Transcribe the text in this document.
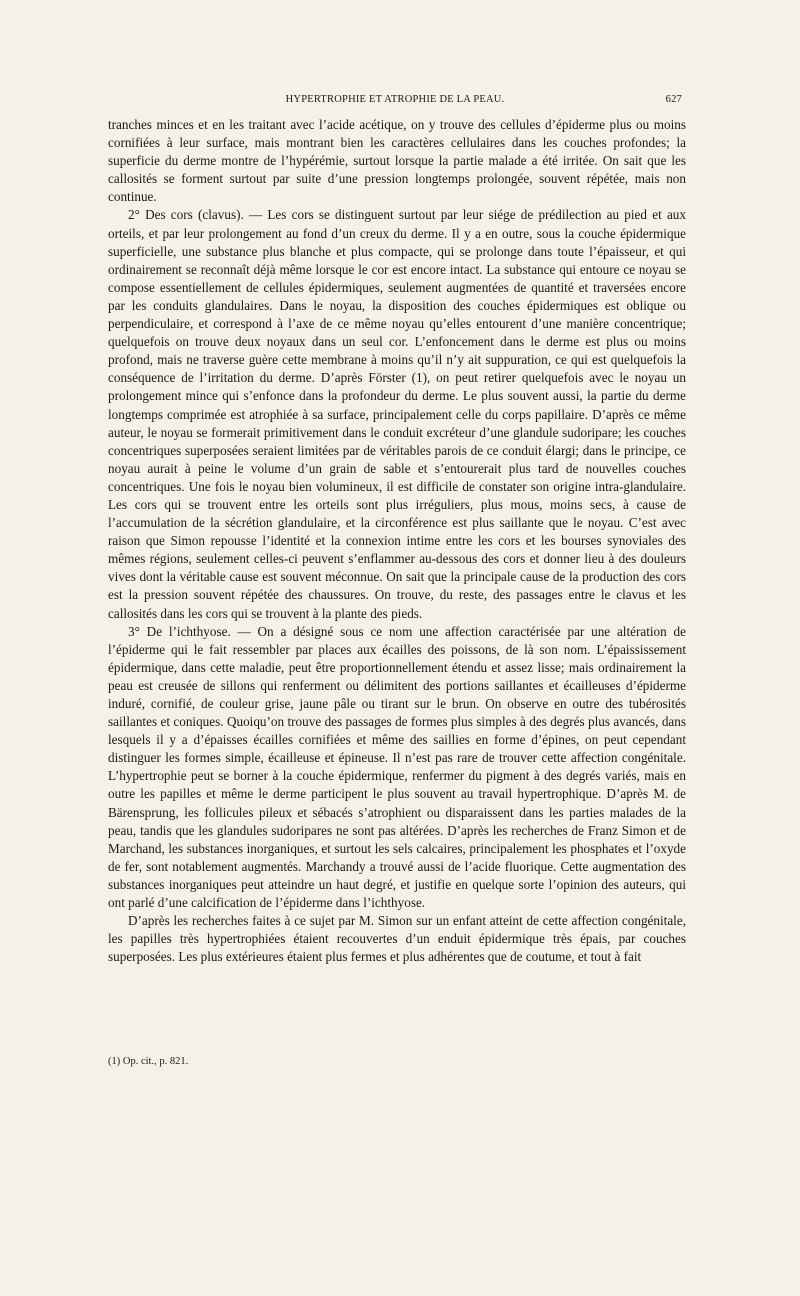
HYPERTROPHIE ET ATROPHIE DE LA PEAU.	627

tranches minces et en les traitant avec l’acide acétique, on y trouve des cellules d’épiderme plus ou moins cornifiées à leur surface, mais montrant bien les caractères cellulaires dans les couches profondes; la superficie du derme montre de l’hypérémie, surtout lorsque la partie malade a été irritée. On sait que les callosités se forment surtout par suite d’une pression longtemps prolongée, souvent répétée, mais non continue.

2° Des cors (clavus). — Les cors se distinguent surtout par leur siége de prédilection au pied et aux orteils, et par leur prolongement au fond d’un creux du derme. Il y a en outre, sous la couche épidermique superficielle, une substance plus blanche et plus compacte, qui se prolonge dans toute l’épaisseur, et qui ordinairement se reconnaît déjà même lorsque le cor est encore intact. La substance qui entoure ce noyau se compose essentiellement de cellules épidermiques, seulement augmentées de quantité et traversées encore par les conduits glandulaires. Dans le noyau, la disposition des couches épidermiques est oblique ou perpendiculaire, et correspond à l’axe de ce même noyau qu’elles entourent d’une manière concentrique; quelquefois on trouve deux noyaux dans un seul cor. L’enfoncement dans le derme est plus ou moins profond, mais ne traverse guère cette membrane à moins qu’il n’y ait suppuration, ce qui est quelquefois la conséquence de l’irritation du derme. D’après Förster (1), on peut retirer quelquefois avec le noyau un prolongement mince qui s’enfonce dans la profondeur du derme. Le plus souvent aussi, la partie du derme longtemps comprimée est atrophiée à sa surface, principalement celle du corps papillaire. D’après ce même auteur, le noyau se formerait primitivement dans le conduit excréteur d’une glandule sudoripare; les couches concentriques superposées seraient limitées par de véritables parois de ce conduit élargi; dans le principe, ce noyau aurait à peine le volume d’un grain de sable et s’entourerait plus tard de nouvelles couches concentriques. Une fois le noyau bien volumineux, il est difficile de constater son origine intra-glandulaire. Les cors qui se trouvent entre les orteils sont plus irréguliers, plus mous, moins secs, à cause de l’accumulation de la sécrétion glandulaire, et la circonférence est plus saillante que le noyau. C’est avec raison que Simon repousse l’identité et la connexion intime entre les cors et les bourses synoviales des mêmes régions, seulement celles-ci peuvent s’enflammer au-dessous des cors et donner lieu à des douleurs vives dont la véritable cause est souvent méconnue. On sait que la principale cause de la production des cors est la pression souvent répétée des chaussures. On trouve, du reste, des passages entre le clavus et les callosités dans les cors qui se trouvent à la plante des pieds.

3° De l’ichthyose. — On a désigné sous ce nom une affection caractérisée par une altération de l’épiderme qui le fait ressembler par places aux écailles des poissons, de là son nom. L’épaississement épidermique, dans cette maladie, peut être proportionnellement étendu et assez lisse; mais ordinairement la peau est creusée de sillons qui renferment ou délimitent des portions saillantes et écailleuses d’épiderme induré, cornifié, de couleur grise, jaune pâle ou tirant sur le brun. On observe en outre des tubérosités saillantes et coniques. Quoiqu’on trouve des passages de formes plus simples à des degrés plus avancés, dans lesquels il y a d’épaisses écailles cornifiées et même des saillies en forme d’épines, on peut cependant distinguer les formes simple, écailleuse et épineuse. Il n’est pas rare de trouver cette affection congénitale. L’hypertrophie peut se borner à la couche épidermique, renfermer du pigment à des degrés variés, mais en outre les papilles et même le derme participent le plus souvent au travail hypertrophique. D’après M. de Bärensprung, les follicules pileux et sébacés s’atrophient ou disparaissent dans les parties malades de la peau, tandis que les glandules sudoripares ne sont pas altérées. D’après les recherches de Franz Simon et de Marchand, les substances inorganiques, et surtout les sels calcaires, principalement les phosphates et l’oxyde de fer, sont notablement augmentés. Marchandy a trouvé aussi de l’acide fluorique. Cette augmentation des substances inorganiques peut atteindre un haut degré, et justifie en quelque sorte l’opinion des auteurs, qui ont parlé d’une calcification de l’épiderme dans l’ichthyose.

D’après les recherches faites à ce sujet par M. Simon sur un enfant atteint de cette affection congénitale, les papilles très hypertrophiées étaient recouvertes d’un enduit épidermique très épais, par couches superposées. Les plus extérieures étaient plus fermes et plus adhérentes que de coutume, et tout à fait

(1) Op. cit., p. 821.
